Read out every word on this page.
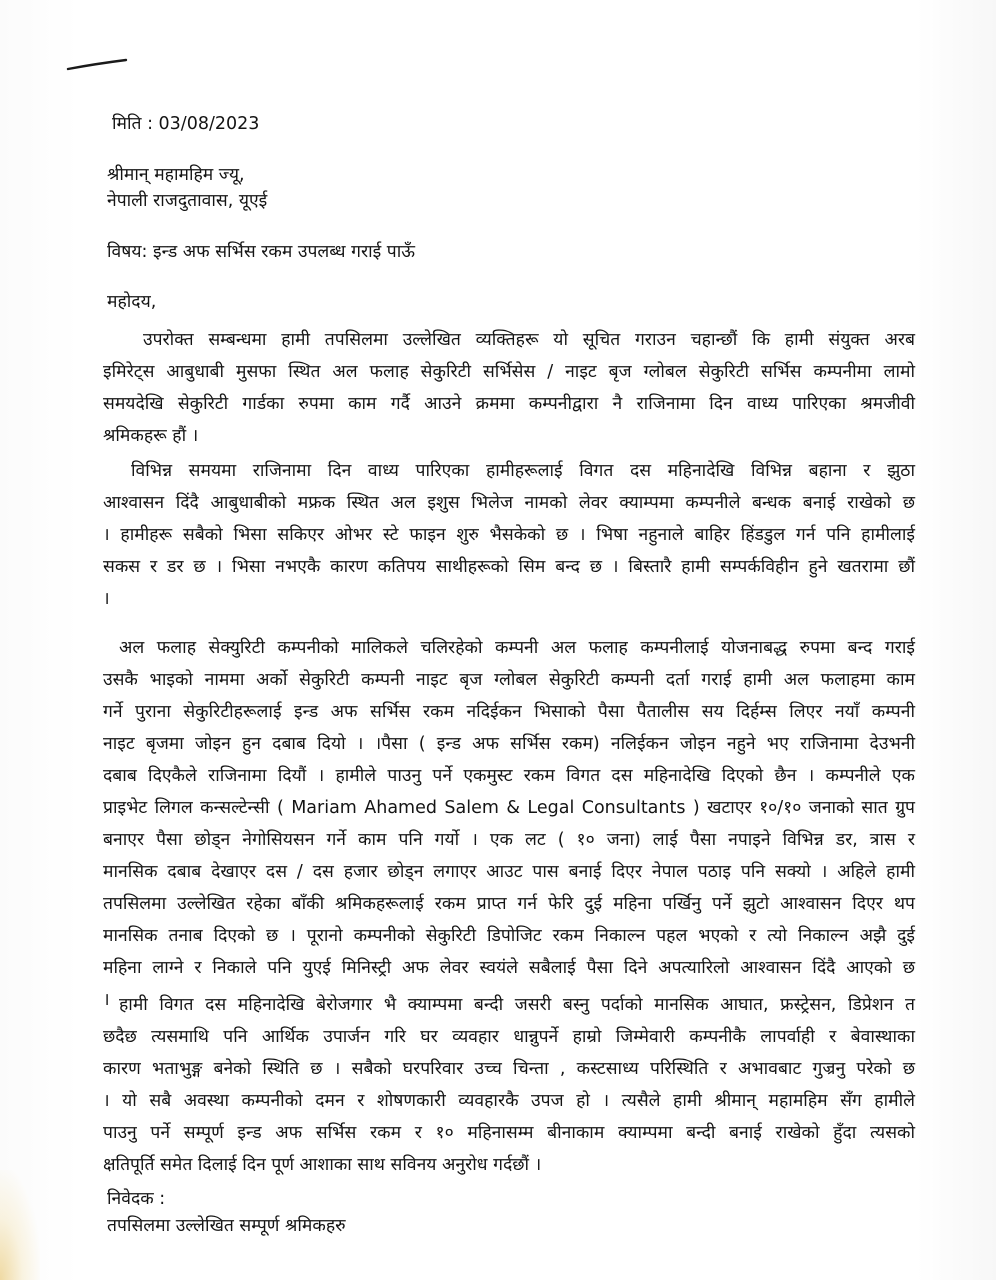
मिति : 03/08/2023
श्रीमान् महामहिम ज्यू,
नेपाली राजदुतावास, यूएई
विषय: इन्ड अफ सर्भिस रकम उपलब्ध गराई पाऊँ
महोदय,
उपरोक्त सम्बन्धमा हामी तपसिलमा उल्लेखित व्यक्तिहरू यो सूचित गराउन चहान्छौं कि हामी संयुक्त अरब
इमिरेट्स आबुधाबी मुसफा स्थित अल फलाह सेकुरिटी सर्भिसेस / नाइट बृज ग्लोबल सेकुरिटी सर्भिस कम्पनीमा लामो
समयदेखि सेकुरिटी गार्डका रुपमा काम गर्दै आउने क्रममा कम्पनीद्वारा नै राजिनामा दिन वाध्य पारिएका श्रमजीवी
श्रमिकहरू हौं ।
विभिन्न समयमा राजिनामा दिन वाध्य पारिएका हामीहरूलाई विगत दस महिनादेखि विभिन्न बहाना र झुठा
आश्वासन दिंदै आबुधाबीको मफ्रक स्थित अल इशुस भिलेज नामको लेवर क्याम्पमा कम्पनीले बन्धक बनाई राखेको छ
। हामीहरू सबैको भिसा सकिएर ओभर स्टे फाइन शुरु भैसकेको छ । भिषा नहुनाले बाहिर हिंडडुल गर्न पनि हामीलाई
सकस र डर छ । भिसा नभएकै कारण कतिपय साथीहरूको सिम बन्द छ । बिस्तारै हामी सम्पर्कविहीन हुने खतरामा छौं
।
अल फलाह सेक्युरिटी कम्पनीको मालिकले चलिरहेको कम्पनी अल फलाह कम्पनीलाई योजनाबद्ध रुपमा बन्द गराई
उसकै भाइको नाममा अर्को सेकुरिटी कम्पनी नाइट बृज ग्लोबल सेकुरिटी कम्पनी दर्ता गराई हामी अल फलाहमा काम
गर्ने पुराना सेकुरिटीहरूलाई इन्ड अफ सर्भिस रकम नदिईकन भिसाको पैसा पैतालीस सय दिर्हम्स लिएर नयाँ कम्पनी
नाइट बृजमा जोइन हुन दबाब दियो । ।पैसा ( इन्ड अफ सर्भिस रकम) नलिईकन जोइन नहुने भए राजिनामा देउभनी
दबाब दिएकैले राजिनामा दियौं । हामीले पाउनु पर्ने एकमुस्ट रकम विगत दस महिनादेखि दिएको छैन । कम्पनीले एक
प्राइभेट लिगल कन्सल्टेन्सी ( Mariam Ahamed Salem & Legal Consultants ) खटाएर १०/१० जनाको सात ग्रुप
बनाएर पैसा छोड्न नेगोसियसन गर्ने काम पनि गर्यो । एक लट ( १० जना) लाई पैसा नपाइने विभिन्न डर, त्रास र
मानसिक दबाब देखाएर दस / दस हजार छोड्न लगाएर आउट पास बनाई दिएर नेपाल पठाइ पनि सक्यो । अहिले हामी
तपसिलमा उल्लेखित रहेका बाँकी श्रमिकहरूलाई रकम प्राप्त गर्न फेरि दुई महिना पर्खिनु पर्ने झुटो आश्वासन दिएर थप
मानसिक तनाब दिएको छ । पूरानो कम्पनीको सेकुरिटी डिपोजिट रकम निकाल्न पहल भएको र त्यो निकाल्न अझै दुई
महिना लाग्ने र निकाले पनि युएई मिनिस्ट्री अफ लेवर स्वयंले सबैलाई पैसा दिने अपत्यारिलो आश्वासन दिंदै आएको छ
। हामी विगत दस महिनादेखि बेरोजगार भै क्याम्पमा बन्दी जसरी बस्नु पर्दाको मानसिक आघात, फ्रस्ट्रेसन, डिप्रेशन त
छदैछ त्यसमाथि पनि आर्थिक उपार्जन गरि घर व्यवहार धान्नुपर्ने हाम्रो जिम्मेवारी कम्पनीकै लापर्वाही र बेवास्थाका
कारण भताभुङ्ग बनेको स्थिति छ । सबैको घरपरिवार उच्च चिन्ता , कस्टसाध्य परिस्थिति र अभावबाट गुज्रनु परेको छ
। यो सबै अवस्था कम्पनीको दमन र शोषणकारी व्यवहारकै उपज हो । त्यसैले हामी श्रीमान् महामहिम सँग हामीले
पाउनु पर्ने सम्पूर्ण इन्ड अफ सर्भिस रकम र १० महिनासम्म बीनाकाम क्याम्पमा बन्दी बनाई राखेको हुँदा त्यसको
क्षतिपूर्ति समेत दिलाई दिन पूर्ण आशाका साथ सविनय अनुरोध गर्दछौं ।
निवेदक :
तपसिलमा उल्लेखित सम्पूर्ण श्रमिकहरु
